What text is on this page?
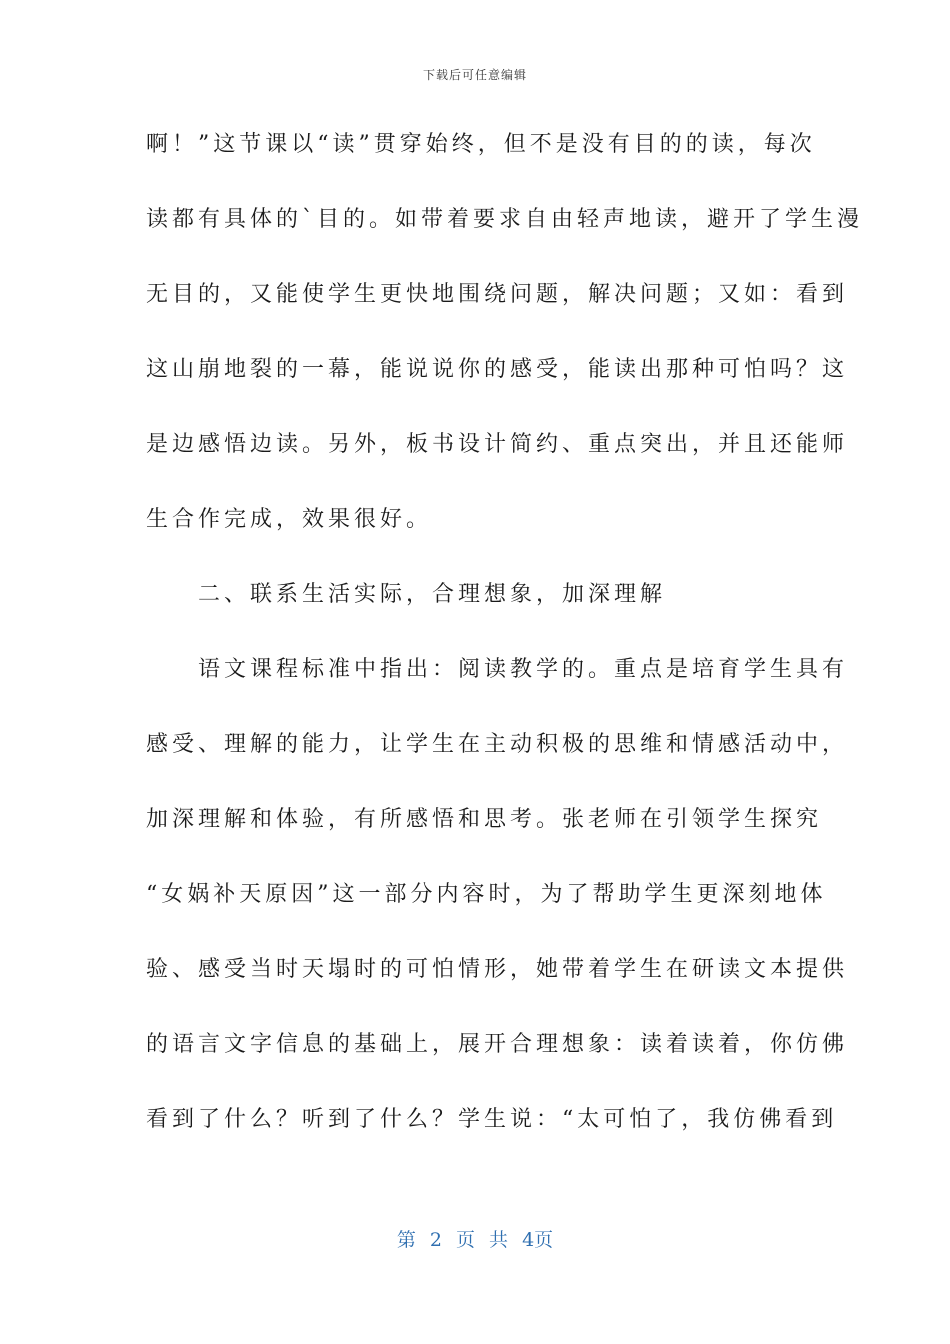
下载后可任意编辑
啊！”这节课以“读”贯穿始终，但不是没有目的的读，每次
读都有具体的`目的。如带着要求自由轻声地读，避开了学生漫
无目的，又能使学生更快地围绕问题，解决问题；又如：看到
这山崩地裂的一幕，能说说你的感受，能读出那种可怕吗？这
是边感悟边读。另外，板书设计简约、重点突出，并且还能师
生合作完成，效果很好。
　　二、联系生活实际，合理想象，加深理解
　　语文课程标准中指出：阅读教学的。重点是培育学生具有
感受、理解的能力，让学生在主动积极的思维和情感活动中，
加深理解和体验，有所感悟和思考。张老师在引领学生探究
“女娲补天原因”这一部分内容时，为了帮助学生更深刻地体
验、感受当时天塌时的可怕情形，她带着学生在研读文本提供
的语言文字信息的基础上，展开合理想象：读着读着，你仿佛
看到了什么？听到了什么？学生说：“太可怕了，我仿佛看到
第 2 页 共 4页
